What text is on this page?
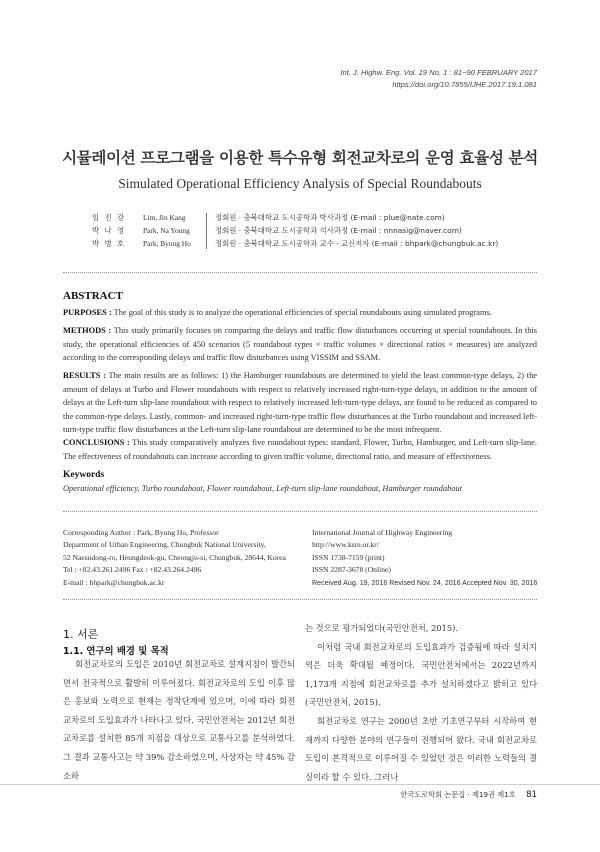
Int. J. Highw. Eng. Vol. 19 No. 1 : 81~90 FEBRUARY 2017
https://doi.org/10.7855/IJHE.2017.19.1.081
시뮬레이션 프로그램을 이용한 특수유형 회전교차로의 운영 효율성 분석
Simulated Operational Efficiency Analysis of Special Roundabouts
임 진 강	Lim, Jin Kang	정회원 · 충북대학교 도시공학과 박사과정 (E-mail : plue@nate.com)
박 나 영	Park, Na Young	정회원 · 충북대학교 도시공학과 석사과정 (E-mail : nnnasig@naver.com)
박 병 호	Park, Byung Ho	정회원 · 충북대학교 도시공학과 교수 · 교신저자 (E-mail : bhpark@chungbuk.ac.kr)
ABSTRACT
PURPOSES : The goal of this study is to analyze the operational efficiencies of special roundabouts using simulated programs.
METHODS : This study primarily focuses on comparing the delays and traffic flow disturbances occurring at special roundabouts. In this study, the operational efficiencies of 450 scenarios (5 roundabout types × traffic volumes × directional ratios × measures) are analyzed according to the corresponding delays and traffic flow disturbances using VISSIM and SSAM.
RESULTS : The main results are as follows: 1) the Hamburger roundabouts are determined to yield the least common-type delays, 2) the amount of delays at Turbo and Flower roundabouts with respect to relatively increased right-turn-type delays, in addition to the amount of delays at the Left-turn slip-lane roundabout with respect to relatively increased left-turn-type delays, are found to be reduced as compared to the common-type delays. Lastly, common- and increased right-turn-type traffic flow disturbances at the Turbo roundabout and increased left-turn-type traffic flow disturbances at the Left-turn slip-lane roundabout are determined to be the most infrequent.
CONCLUSIONS : This study comparatively analyzes five roundabout types: standard, Flower, Turbo, Hamburger, and Left-turn slip-lane. The effectiveness of roundabouts can increase according to given traffic volume, directional ratio, and measure of effectiveness.
Keywords
Operational efficiency, Turbo roundabout, Flower roundabout, Left-turn slip-lane roundabout, Hamburger roundabout
Corresponding Author : Park, Byung Ho, Professor
Department of Urban Engineering, Chungbuk National University,
52 Naesudong-ro, Heungdeok-gu, Cheongju-si, Chungbuk, 28644, Korea
Tel : +82.43.261.2496 Fax : +82.43.264.2496
E-mail : bhpark@chungbuk.ac.kr
International Journal of Highway Engineering
http://www.ksre.or.kr/
ISSN 1738-7159 (print)
ISSN 2287-3678 (Online)
Received Aug. 19, 2016 Revised Nov. 24, 2016 Accepted Nov. 30, 2016
1. 서론
1.1. 연구의 배경 및 목적

회전교차로의 도입은 2010년 회전교차로 설계지침이 발간되면서 전국적으로 활발히 이루어졌다. 회전교차로의 도입 이후 많은 홍보와 노력으로 현재는 정착단계에 있으며, 이에 따라 회전교차로의 도입효과가 나타나고 있다. 국민안전처는 2012년 회전교차로를 설치한 85개 지점을 대상으로 교통사고를 분석하였다. 그 결과 교통사고는 약 39% 감소하였으며, 사상자는 약 45% 감소하

는 것으로 평가되었다(국민안전처, 2015).

이처럼 국내 회전교차로의 도입효과가 검증됨에 따라 설치지역은 더욱 확대될 예정이다. 국민안전처에서는 2022년까지 1,173개 지점에 회전교차로를 추가 설치하겠다고 밝히고 있다(국민안전처, 2015).

회전교차로 연구는 2000년 초반 기초연구부터 시작하여 현재까지 다양한 분야의 연구들이 진행되어 왔다. 국내 회전교차로 도입이 본격적으로 이루어질 수 있었던 것은 이러한 노력들의 결실이라 할 수 있다. 그러나

한국도로학회 논문집 · 제19권 제1호 81
